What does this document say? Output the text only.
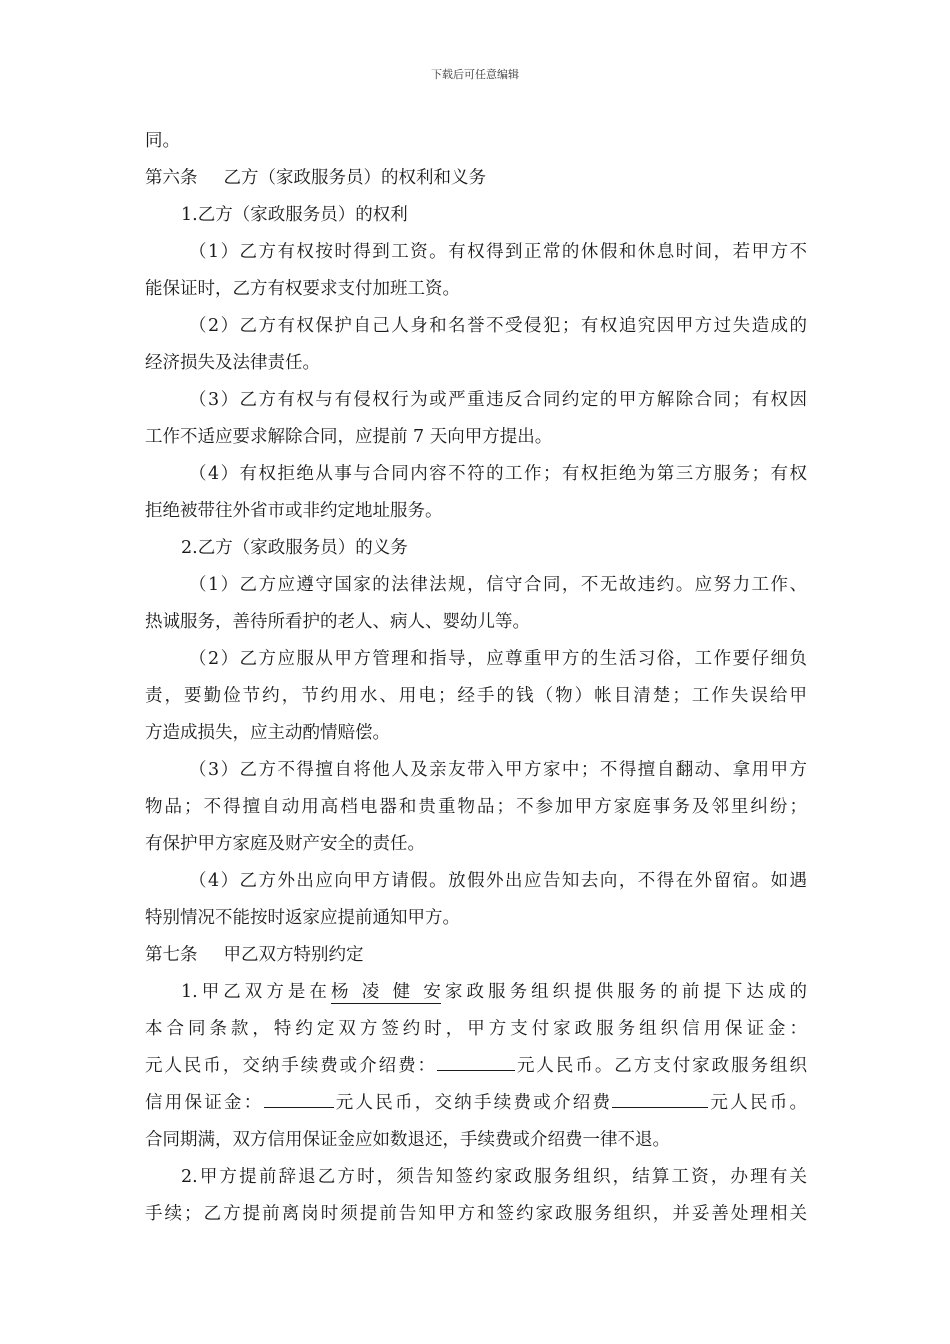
下载后可任意编辑
同。
第六条 乙方（家政服务员）的权利和义务
1.乙方（家政服务员）的权利
（1）乙方有权按时得到工资。有权得到正常的休假和休息时间，若甲方不
能保证时，乙方有权要求支付加班工资。
（2）乙方有权保护自己人身和名誉不受侵犯；有权追究因甲方过失造成的
经济损失及法律责任。
（3）乙方有权与有侵权行为或严重违反合同约定的甲方解除合同；有权因
工作不适应要求解除合同，应提前 7 天向甲方提出。
（4）有权拒绝从事与合同内容不符的工作；有权拒绝为第三方服务；有权
拒绝被带往外省市或非约定地址服务。
2.乙方（家政服务员）的义务
（1）乙方应遵守国家的法律法规，信守合同，不无故违约。应努力工作、
热诚服务，善待所看护的老人、病人、婴幼儿等。
（2）乙方应服从甲方管理和指导，应尊重甲方的生活习俗，工作要仔细负
责，要勤俭节约，节约用水、用电；经手的钱（物）帐目清楚；工作失误给甲
方造成损失，应主动酌情赔偿。
（3）乙方不得擅自将他人及亲友带入甲方家中；不得擅自翻动、拿用甲方
物品；不得擅自动用高档电器和贵重物品；不参加甲方家庭事务及邻里纠纷；
有保护甲方家庭及财产安全的责任。
（4）乙方外出应向甲方请假。放假外出应告知去向，不得在外留宿。如遇
特别情况不能按时返家应提前通知甲方。
第七条 甲乙双方特别约定
1.甲乙双方是在杨凌健安家政服务组织提供服务的前提下达成的
本合同条款，特约定双方签约时，甲方支付家政服务组织信用保证金：
元人民币，交纳手续费或介绍费：	元人民币。乙方支付家政服务组织
信用保证金：	元人民币，交纳手续费或介绍费	元人民币。
合同期满，双方信用保证金应如数退还，手续费或介绍费一律不退。
2.甲方提前辞退乙方时，须告知签约家政服务组织，结算工资，办理有关
手续；乙方提前离岗时须提前告知甲方和签约家政服务组织，并妥善处理相关
